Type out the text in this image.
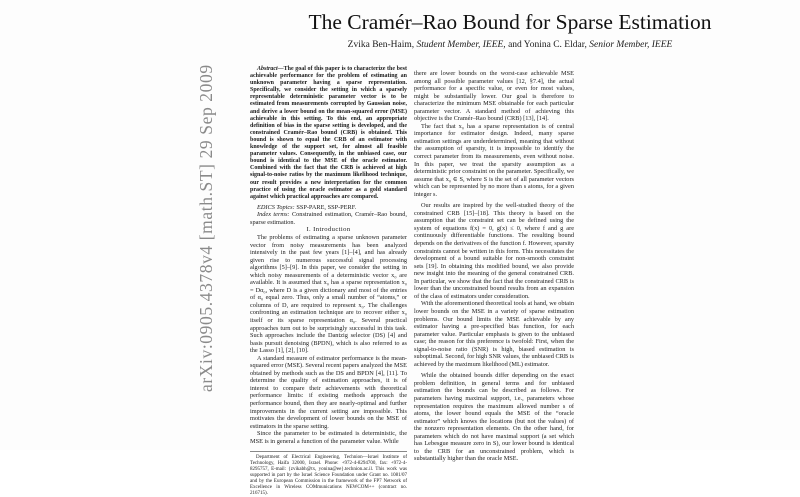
arXiv:0905.4378v4 [math.ST] 29 Sep 2009
The Cramér–Rao Bound for Sparse Estimation
Zvika Ben-Haim, Student Member, IEEE, and Yonina C. Eldar, Senior Member, IEEE

Abstract—The goal of this paper is to characterize the best achievable performance for the problem of estimating an unknown parameter having a sparse representation. Specifically, we consider the setting in which a sparsely representable deterministic parameter vector is to be estimated from measurements corrupted by Gaussian noise, and derive a lower bound on the mean-squared error (MSE) achievable in this setting. To this end, an appropriate definition of bias in the sparse setting is developed, and the constrained Cramér–Rao bound (CRB) is obtained. This bound is shown to equal the CRB of an estimator with knowledge of the support set, for almost all feasible parameter values. Consequently, in the unbiased case, our bound is identical to the MSE of the oracle estimator. Combined with the fact that the CRB is achieved at high signal-to-noise ratios by the maximum likelihood technique, our result provides a new interpretation for the common practice of using the oracle estimator as a gold standard against which practical approaches are compared.

EDICS Topics: SSP-PARE, SSP-PERF.

Index terms: Constrained estimation, Cramér–Rao bound, sparse estimation.

I. Introduction

The problems of estimating a sparse unknown parameter vector from noisy measurements has been analyzed intensively in the past few years [1]–[4], and has already given rise to numerous successful signal processing algorithms [5]–[9]. In this paper, we consider the setting in which noisy measurements of a deterministic vector x₀ are available. It is assumed that x₀ has a sparse representation x₀ = Dα₀, where D is a given dictionary and most of the entries of α₀ equal zero. Thus, only a small number of “atoms,” or columns of D, are required to represent x₀. The challenges confronting an estimation technique are to recover either x₀ itself or its sparse representation α₀. Several practical approaches turn out to be surprisingly successful in this task. Such approaches include the Dantzig selector (DS) [4] and basis pursuit denoising (BPDN), which is also referred to as the Lasso [1], [2], [10].

A standard measure of estimator performance is the mean-squared error (MSE). Several recent papers analyzed the MSE obtained by methods such as the DS and BPDN [4], [11]. To determine the quality of estimation approaches, it is of interest to compare their achievements with theoretical performance limits: if existing methods approach the performance bound, then they are nearly-optimal and further improvements in the current setting are impossible. This motivates the development of lower bounds on the MSE of estimators in the sparse setting.

Since the parameter to be estimated is deterministic, the MSE is in general a function of the parameter value. While

Department of Electrical Engineering, Technion—Israel Institute of Technology, Haifa 32000, Israel. Phone: +972-4-8294700, fax: +972-4-8295757, E-mail: {zvikabh@tx, yonina@ee}.technion.ac.il. This work was supported in part by the Israel Science Foundation under Grant no. 1081/07 and by the European Commission in the framework of the FP7 Network of Excellence in Wireless COMmunications NEWCOM++ (contract no. 216715).

there are lower bounds on the worst-case achievable MSE among all possible parameter values [12, §7.4], the actual performance for a specific value, or even for most values, might be substantially lower. Our goal is therefore to characterize the minimum MSE obtainable for each particular parameter vector. A standard method of achieving this objective is the Cramér–Rao bound (CRB) [13], [14].

The fact that x₀ has a sparse representation is of central importance for estimator design. Indeed, many sparse estimation settings are underdetermined, meaning that without the assumption of sparsity, it is impossible to identify the correct parameter from its measurements, even without noise. In this paper, we treat the sparsity assumption as a deterministic prior constraint on the parameter. Specifically, we assume that x₀ ∈ S, where S is the set of all parameter vectors which can be represented by no more than s atoms, for a given integer s.

Our results are inspired by the well-studied theory of the constrained CRB [15]–[18]. This theory is based on the assumption that the constraint set can be defined using the system of equations f(x) = 0, g(x) ≤ 0, where f and g are continuously differentiable functions. The resulting bound depends on the derivatives of the function f. However, sparsity constraints cannot be written in this form. This necessitates the development of a bound suitable for non-smooth constraint sets [19]. In obtaining this modified bound, we also provide new insight into the meaning of the general constrained CRB. In particular, we show that the fact that the constrained CRB is lower than the unconstrained bound results from an expansion of the class of estimators under consideration.

With the aforementioned theoretical tools at hand, we obtain lower bounds on the MSE in a variety of sparse estimation problems. Our bound limits the MSE achievable by any estimator having a pre-specified bias function, for each parameter value. Particular emphasis is given to the unbiased case; the reason for this preference is twofold: First, when the signal-to-noise ratio (SNR) is high, biased estimation is suboptimal. Second, for high SNR values, the unbiased CRB is achieved by the maximum likelihood (ML) estimator.

While the obtained bounds differ depending on the exact problem definition, in general terms and for unbiased estimation the bounds can be described as follows. For parameters having maximal support, i.e., parameters whose representation requires the maximum allowed number s of atoms, the lower bound equals the MSE of the “oracle estimator” which knows the locations (but not the values) of the nonzero representation elements. On the other hand, for parameters which do not have maximal support (a set which has Lebesgue measure zero in S), our lower bound is identical to the CRB for an unconstrained problem, which is substantially higher than the oracle MSE.
